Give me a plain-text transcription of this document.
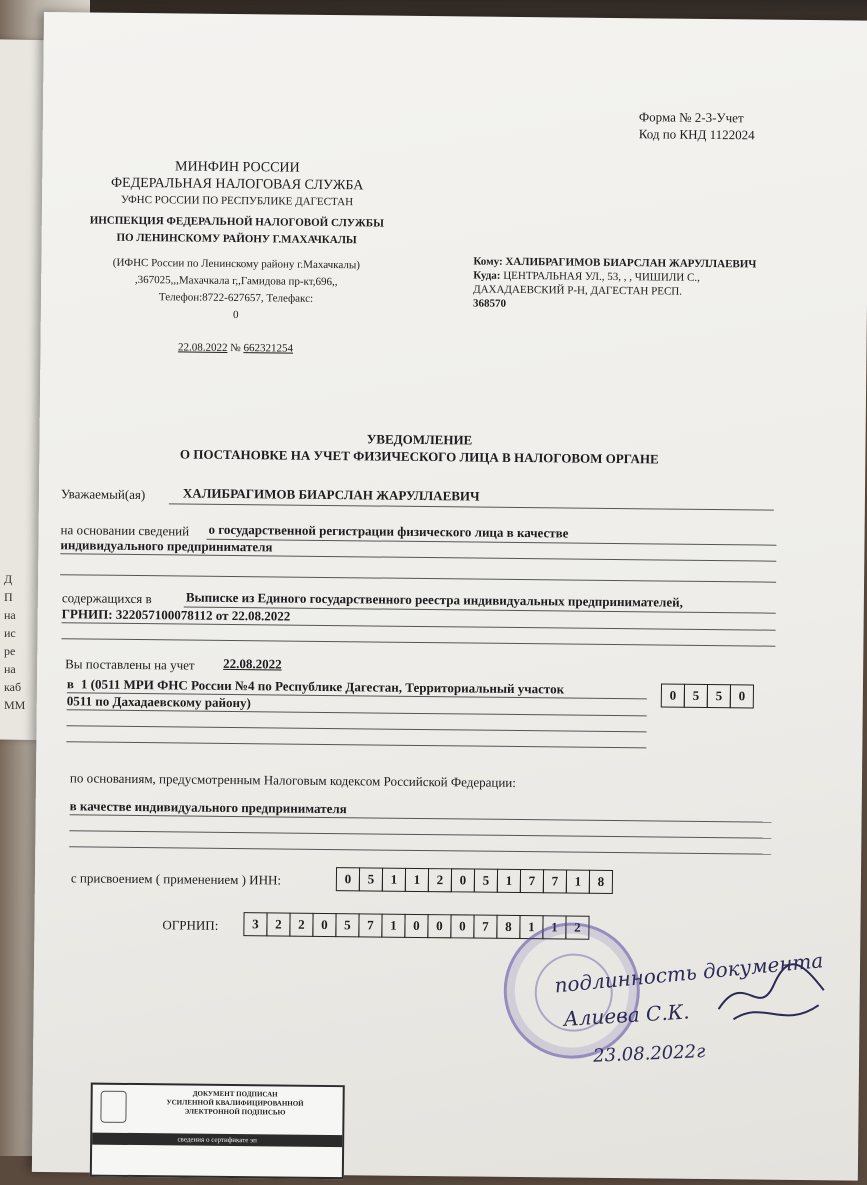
Форма № 2-3-Учет
Код по КНД 1122024
МИНФИН РОССИИ
ФЕДЕРАЛЬНАЯ НАЛОГОВАЯ СЛУЖБА
УФНС РОССИИ ПО РЕСПУБЛИКЕ ДАГЕСТАН
ИНСПЕКЦИЯ ФЕДЕРАЛЬНОЙ НАЛОГОВОЙ СЛУЖБЫ
ПО ЛЕНИНСКОМУ РАЙОНУ Г.МАХАЧКАЛЫ
(ИФНС России по Ленинскому району г.Махачкалы)
,367025,,,Махачкала г,,Гамидова пр-кт,696,,
Телефон:8722-627657, Телефакс:
0
22.08.2022 № 662321254
Кому: ХАЛИБРАГИМОВ БИАРСЛАН ЖАРУЛЛАЕВИЧ
Куда: ЦЕНТРАЛЬНАЯ УЛ., 53, , , ЧИШИЛИ С.,
ДАХАДАЕВСКИЙ Р-Н, ДАГЕСТАН РЕСП.
368570
УВЕДОМЛЕНИЕ
О ПОСТАНОВКЕ НА УЧЕТ ФИЗИЧЕСКОГО ЛИЦА В НАЛОГОВОМ ОРГАНЕ
Уважаемый(ая)	ХАЛИБРАГИМОВ БИАРСЛАН ЖАРУЛЛАЕВИЧ
на основании сведений о государственной регистрации физического лица в качестве
индивидуального предпринимателя
содержащихся в	Выписке из Единого государственного реестра индивидуальных предпринимателей,
ГРНИП: 322057100078112 от 22.08.2022
Вы поставлены на учет 22.08.2022
в 1 (0511 МРИ ФНС России №4 по Республике Дагестан, Территориальный участок
0511 по Дахадаевскому району)	0	5	5	0
по основаниям, предусмотренным Налоговым кодексом Российской Федерации:
в качестве индивидуального предпринимателя
с присвоением ( применением ) ИНН:	0	5	1	1	2	0	5	1	7	7	1	8
ОГРНИП:	3	2	2	0	5	7	1	0	0	0	7	8	1	1	2
подлинность документа
Алиева С.К.
23.08.2022г
ДОКУМЕНТ ПОДПИСАН
УСИЛЕННОЙ КВАЛИФИЦИРОВАННОЙ
ЭЛЕКТРОННОЙ ПОДПИСЬЮ
сведения о сертификате эп
Д
П
на
ис
ре
на
каб
ММ
